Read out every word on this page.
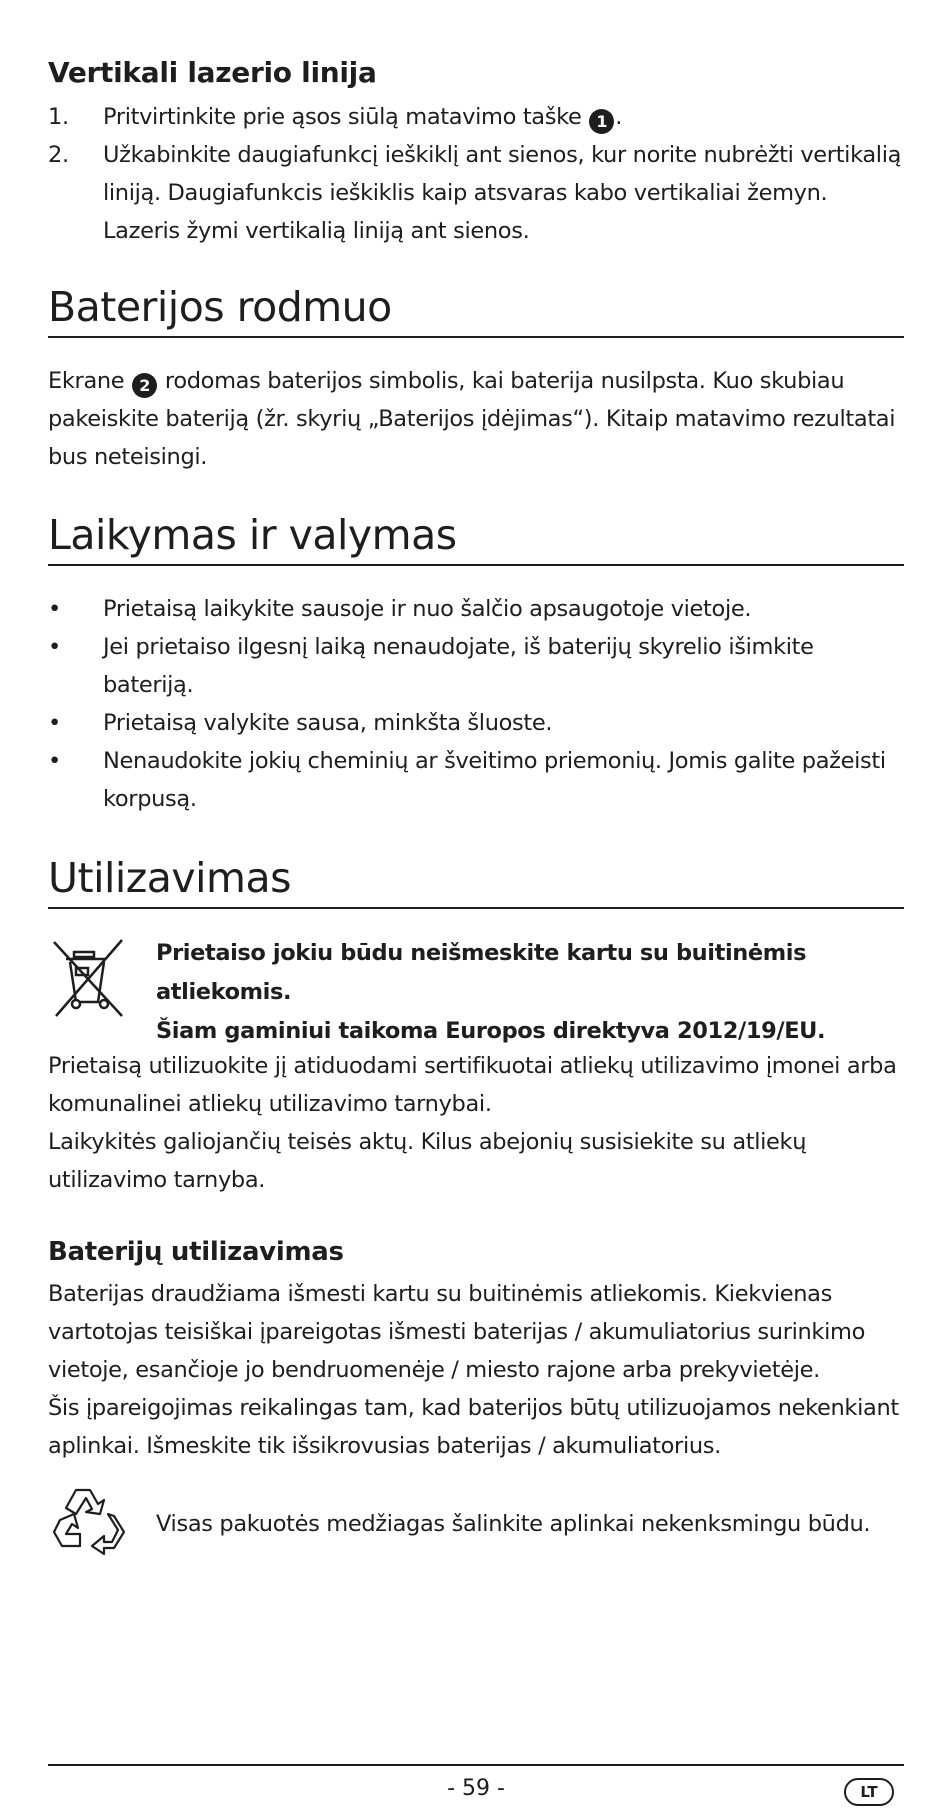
Vertikali lazerio linija
1.	Pritvirtinkite prie ąsos siūlą matavimo taške 1 .
2.	Užkabinkite daugiafunkcį ieškiklį ant sienos, kur norite nubrėžti vertikalią liniją. Daugiafunkcis ieškiklis kaip atsvaras kabo vertikaliai žemyn. Lazeris žymi vertikalią liniją ant sienos.
Baterijos rodmuo

Ekrane 2 rodomas baterijos simbolis, kai baterija nusilpsta. Kuo skubiau pakeiskite bateriją (žr. skyrių „Baterijos įdėjimas“). Kitaip matavimo rezultatai bus neteisingi.

Laikymas ir valymas
•	Prietaisą laikykite sausoje ir nuo šalčio apsaugotoje vietoje.
•	Jei prietaiso ilgesnį laiką nenaudojate, iš baterijų skyrelio išimkite bateriją.
•	Prietaisą valykite sausa, minkšta šluoste.
•	Nenaudokite jokių cheminių ar šveitimo priemonių. Jomis galite pažeisti korpusą.
Utilizavimas

Prietaiso jokiu būdu neišmeskite kartu su buitinėmis atliekomis.
Šiam gaminiui taikoma Europos direktyva 2012/19/EU.

Prietaisą utilizuokite jį atiduodami sertifikuotai atliekų utilizavimo įmonei arba komunalinei atliekų utilizavimo tarnybai.

Laikykitės galiojančių teisės aktų. Kilus abejonių susisiekite su atliekų utilizavimo tarnyba.

Baterijų utilizavimas

Baterijas draudžiama išmesti kartu su buitinėmis atliekomis. Kiekvienas vartotojas teisiškai įpareigotas išmesti baterijas / akumuliatorius surinkimo vietoje, esančioje jo bendruomenėje / miesto rajone arba prekyvietėje.

Šis įpareigojimas reikalingas tam, kad baterijos būtų utilizuojamos nekenkiant aplinkai. Išmeskite tik išsikrovusias baterijas / akumuliatorius.

Visas pakuotės medžiagas šalinkite aplinkai nekenksmingu būdu.

- 59 -	LT
